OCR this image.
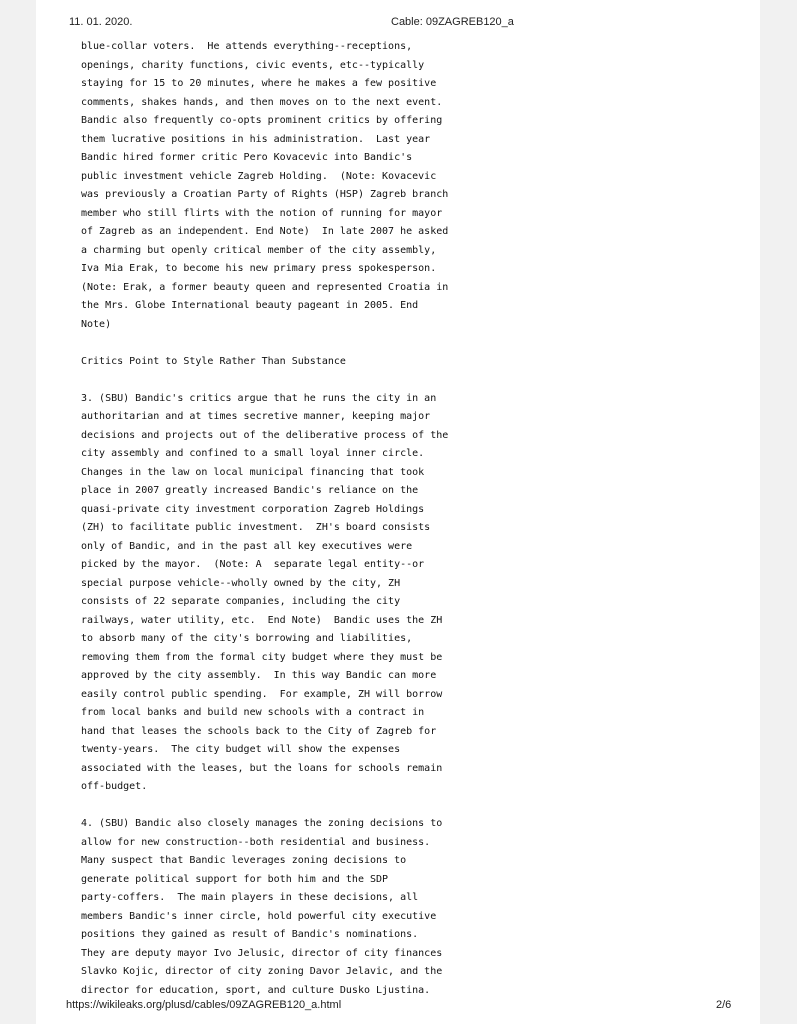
11. 01. 2020.	Cable: 09ZAGREB120_a
blue-collar voters.  He attends everything--receptions,
openings, charity functions, civic events, etc--typically
staying for 15 to 20 minutes, where he makes a few positive
comments, shakes hands, and then moves on to the next event.
Bandic also frequently co-opts prominent critics by offering
them lucrative positions in his administration.  Last year
Bandic hired former critic Pero Kovacevic into Bandic's
public investment vehicle Zagreb Holding.  (Note: Kovacevic
was previously a Croatian Party of Rights (HSP) Zagreb branch
member who still flirts with the notion of running for mayor
of Zagreb as an independent. End Note)  In late 2007 he asked
a charming but openly critical member of the city assembly,
Iva Mia Erak, to become his new primary press spokesperson.
(Note: Erak, a former beauty queen and represented Croatia in
the Mrs. Globe International beauty pageant in 2005. End
Note)
Critics Point to Style Rather Than Substance
3. (SBU) Bandic's critics argue that he runs the city in an
authoritarian and at times secretive manner, keeping major
decisions and projects out of the deliberative process of the
city assembly and confined to a small loyal inner circle.
Changes in the law on local municipal financing that took
place in 2007 greatly increased Bandic's reliance on the
quasi-private city investment corporation Zagreb Holdings
(ZH) to facilitate public investment.  ZH's board consists
only of Bandic, and in the past all key executives were
picked by the mayor.  (Note: A  separate legal entity--or
special purpose vehicle--wholly owned by the city, ZH
consists of 22 separate companies, including the city
railways, water utility, etc.  End Note)  Bandic uses the ZH
to absorb many of the city's borrowing and liabilities,
removing them from the formal city budget where they must be
approved by the city assembly.  In this way Bandic can more
easily control public spending.  For example, ZH will borrow
from local banks and build new schools with a contract in
hand that leases the schools back to the City of Zagreb for
twenty-years.  The city budget will show the expenses
associated with the leases, but the loans for schools remain
off-budget.
4. (SBU) Bandic also closely manages the zoning decisions to
allow for new construction--both residential and business.
Many suspect that Bandic leverages zoning decisions to
generate political support for both him and the SDP
party-coffers.  The main players in these decisions, all
members Bandic's inner circle, hold powerful city executive
positions they gained as result of Bandic's nominations.
They are deputy mayor Ivo Jelusic, director of city finances
Slavko Kojic, director of city zoning Davor Jelavic, and the
director for education, sport, and culture Dusko Ljustina.
https://wikileaks.org/plusd/cables/09ZAGREB120_a.html	2/6
